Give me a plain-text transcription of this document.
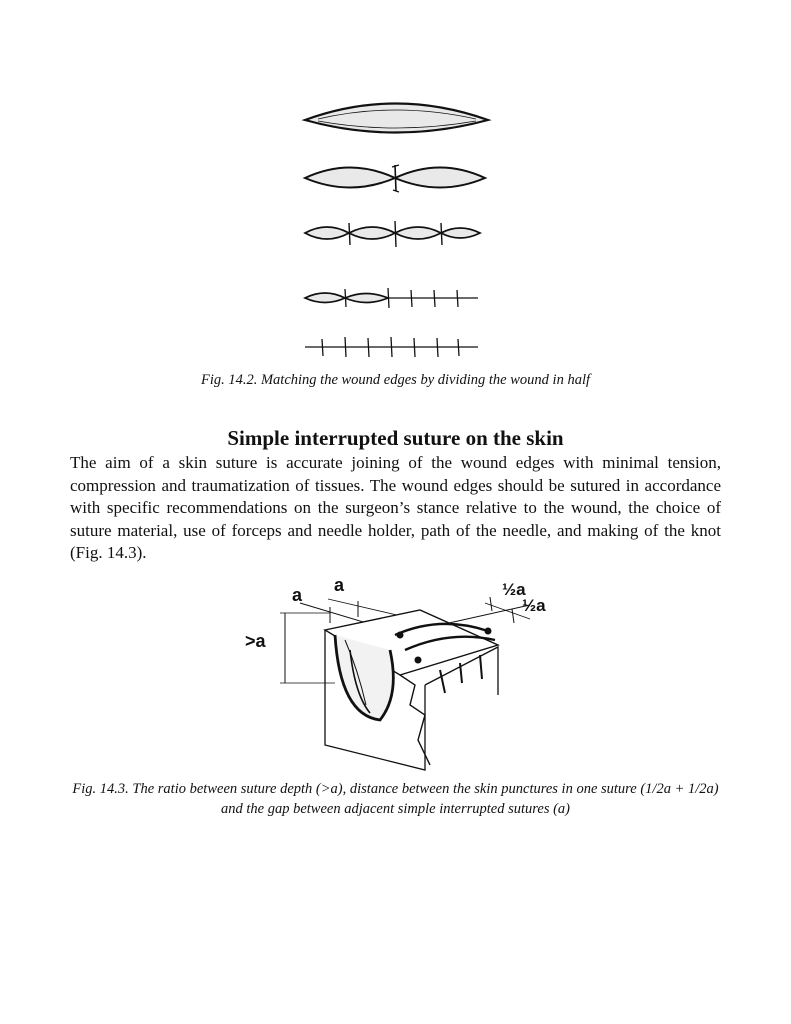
Fig. 14.2. Matching the wound edges by dividing the wound in half
Simple interrupted suture on the skin
The aim of a skin suture is accurate joining of the wound edges with minimal tension, compression and traumatization of tissues. The wound edges should be sutured in accordance with specific recommendations on the surgeon’s stance relative to the wound, the choice of suture material, use of forceps and needle holder, path of the needle, and making of the knot (Fig. 14.3).
>a
a a	½a
½a
Fig. 14.3. The ratio between suture depth (>a), distance between the skin punctures in one suture (1/2a + 1/2a) and the gap between adjacent simple interrupted sutures (a)
